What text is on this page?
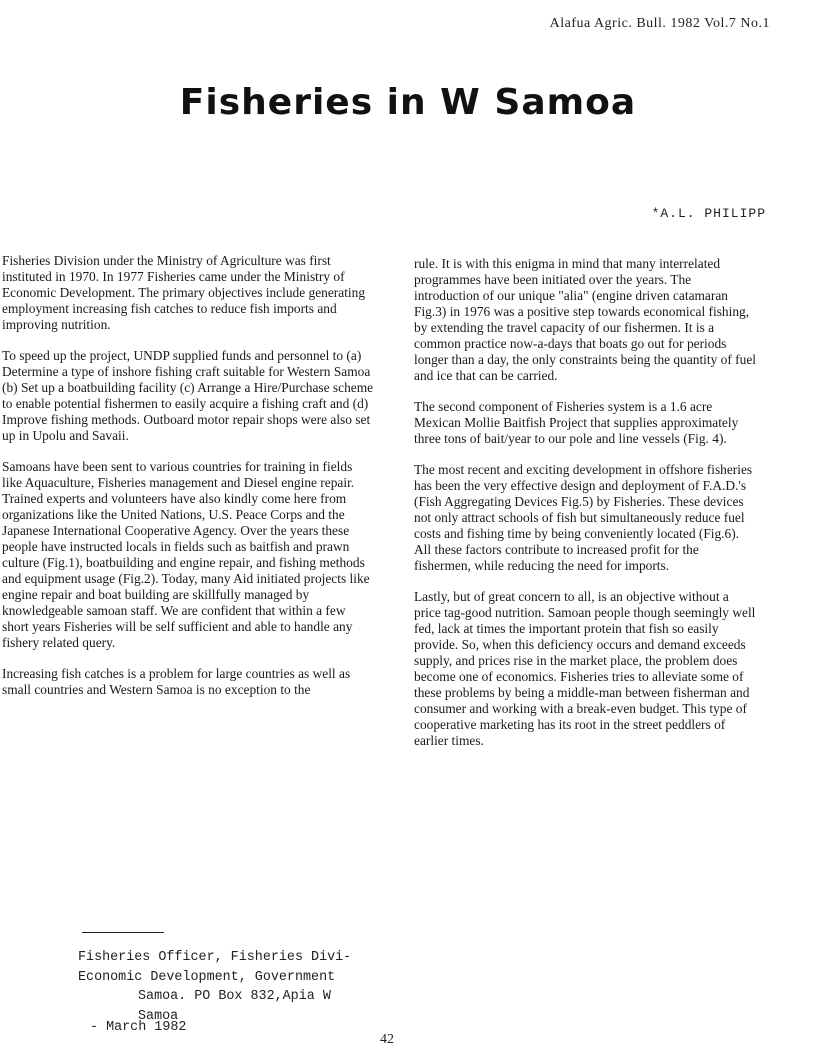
Alafua Agric. Bull. 1982 Vol.7 No.1
Fisheries in W Samoa
*A.L. PHILIPP

Fisheries Division under the Ministry of Agriculture was first instituted in 1970. In 1977 Fisheries came under the Ministry of Economic Development. The primary objectives include generating employment increasing fish catches to reduce fish imports and improving nutrition.

To speed up the project, UNDP supplied funds and personnel to (a) Determine a type of inshore fishing craft suitable for Western Samoa (b) Set up a boatbuilding facility (c) Arrange a Hire/Purchase scheme to enable potential fishermen to easily acquire a fishing craft and (d) Improve fishing methods. Outboard motor repair shops were also set up in Upolu and Savaii.

Samoans have been sent to various countries for training in fields like Aquaculture, Fisheries management and Diesel engine repair. Trained experts and volunteers have also kindly come here from organizations like the United Nations, U.S. Peace Corps and the Japanese International Cooperative Agency. Over the years these people have instructed locals in fields such as baitfish and prawn culture (Fig.1), boatbuilding and engine repair, and fishing methods and equipment usage (Fig.2). Today, many Aid initiated projects like engine repair and boat building are skillfully managed by knowledgeable samoan staff. We are confident that within a few short years Fisheries will be self sufficient and able to handle any fishery related query.

Increasing fish catches is a problem for large countries as well as small countries and Western Samoa is no exception to the

rule. It is with this enigma in mind that many interrelated programmes have been initiated over the years. The introduction of our unique "alia" (engine driven catamaran Fig.3) in 1976 was a positive step towards economical fishing, by extending the travel capacity of our fishermen. It is a common practice now-a-days that boats go out for periods longer than a day, the only constraints being the quantity of fuel and ice that can be carried.

The second component of Fisheries system is a 1.6 acre Mexican Mollie Baitfish Project that supplies approximately three tons of bait/year to our pole and line vessels (Fig. 4).

The most recent and exciting development in offshore fisheries has been the very effective design and deployment of F.A.D.'s (Fish Aggregating Devices Fig.5) by Fisheries. These devices not only attract schools of fish but simultaneously reduce fuel costs and fishing time by being conveniently located (Fig.6). All these factors contribute to increased profit for the fishermen, while reducing the need for imports.

Lastly, but of great concern to all, is an objective without a price tag-good nutrition. Samoan people though seemingly well fed, lack at times the important protein that fish so easily provide. So, when this deficiency occurs and demand exceeds supply, and prices rise in the market place, the problem does become one of economics. Fisheries tries to alleviate some of these problems by being a middle-man between fisherman and consumer and working with a break-even budget. This type of cooperative marketing has its root in the street peddlers of earlier times.

Fisheries Officer, Fisheries Divi-
Economic Development, Government
Samoa. PO Box 832,Apia W Samoa
- March 1982
42
